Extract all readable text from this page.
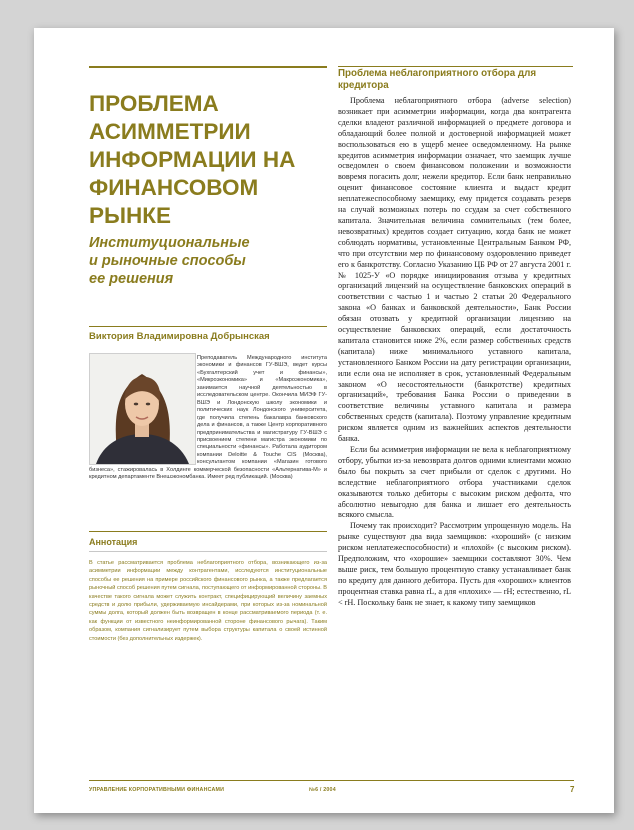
ПРОБЛЕМА АСИММЕТРИИ ИНФОРМАЦИИ НА ФИНАНСОВОМ РЫНКЕ
Институциональные
и рыночные способы
ее решения
Виктория Владимировна Добрынская
Преподаватель Международного института экономики и финансов ГУ-ВШЭ, ведет курсы «Бухгалтерский учет и финансы», «Микроэкономика» и «Макроэкономика», занимается научной деятельностью в исследовательском центре. Окончила МИЭФ ГУ-ВШЭ и Лондонскую школу экономики и политических наук Лондонского университета, где получила степень бакалавра банковского дела и финансов, а также Центр корпоративного предпринимательства и магистратуру ГУ-ВШЭ с присвоением степени магистра экономики по специальности «финансы». Работала аудитором компании Deloitte & Touche CIS (Москва), консультантом компании «Магазин готового бизнеса», стажировалась в Холдинге коммерческой безопасности «Альтернатива-М» и кредитном департаменте Внешэкономбанка. Имеет ред публикаций. (Москва)
Аннотация
В статье рассматривается проблема неблагоприятного отбора, возникающего из-за асимметрии информации между контрагентами, исследуются институциональные способы ее решения на примере российского финансового рынка, а также предлагается рыночный способ решения путем сигнала, поступающего от информированной стороны. В качестве такого сигнала может служить контракт, специфицирующий величину заемных средств и долю прибыли, удерживаемую инсайдерами, при которых из-за номинальной суммы долга, который должен быть возвращен в конце рассматриваемого периода (т. е. как функции от известного неинформированной стороне финансового рычага). Таким образом, компания сигнализирует путем выбора структуры капитала о своей истинной стоимости (без дополнительных издержек).
Проблема неблагоприятного отбора для кредитора

Проблема неблагоприятного отбора (adverse selection) возникает при асимметрии информации, когда два контрагента сделки владеют различной информацией о предмете договора и обладающий более полной и достоверной информацией может воспользоваться ею в ущерб менее осведомленному. На рынке кредитов асимметрия информации означает, что заемщик лучше осведомлен о своем финансовом положении и возможности вовремя погасить долг, нежели кредитор. Если банк неправильно оценит финансовое состояние клиента и выдаст кредит неплатежеспособному заемщику, ему придется создавать резерв на случай возможных потерь по ссудам за счет собственного капитала. Значительная величина сомнительных (тем более, невозвратных) кредитов создает ситуацию, когда банк не может соблюдать нормативы, установленные Центральным Банком РФ, что при отсутствии мер по финансовому оздоровлению приведет его к банкротству. Согласно Указанию ЦБ РФ от 27 августа 2001 г. № 1025-У «О порядке инициирования отзыва у кредитных организаций лицензий на осуществление банковских операций в соответствии с частью 1 и частью 2 статьи 20 Федерального закона «О банках и банковской деятельности», Банк России обязан отозвать у кредитной организации лицензию на осуществление банковских операций, если достаточность капитала становится ниже 2%, если размер собственных средств (капитала) ниже минимального уставного капитала, установленного Банком России на дату регистрации организации, или если она не исполняет в срок, установленный Федеральным законом «О несостоятельности (банкротстве) кредитных организаций», требования Банка России о приведении в соответствие величины уставного капитала и размера собственных средств (капитала). Поэтому управление кредитным риском является одним из важнейших аспектов деятельности банка.

Если бы асимметрия информации не вела к неблагоприятному отбору, убытки из-за невозврата долгов одними клиентами можно было бы покрыть за счет прибыли от сделок с другими. Но вследствие неблагоприятного отбора участниками сделок оказываются только дебиторы с высоким риском дефолта, что абсолютно невыгодно для банка и лишает его деятельность всякого смысла.

Почему так происходит? Рассмотрим упрощенную модель. На рынке существуют два вида заемщиков: «хороший» (с низким риском неплатежеспособности) и «плохой» (с высоким риском). Предположим, что «хорошие» заемщики составляют 30%. Чем выше риск, тем большую процентную ставку устанавливает банк по кредиту для данного дебитора. Пусть для «хороших» клиентов процентная ставка равна rL, а для «плохих» — rH; естественно, rL < rH. Поскольку банк не знает, к какому типу заемщиков

УПРАВЛЕНИЕ КОРПОРАТИВНЫМИ ФИНАНСАМИ	№6 / 2004	7
